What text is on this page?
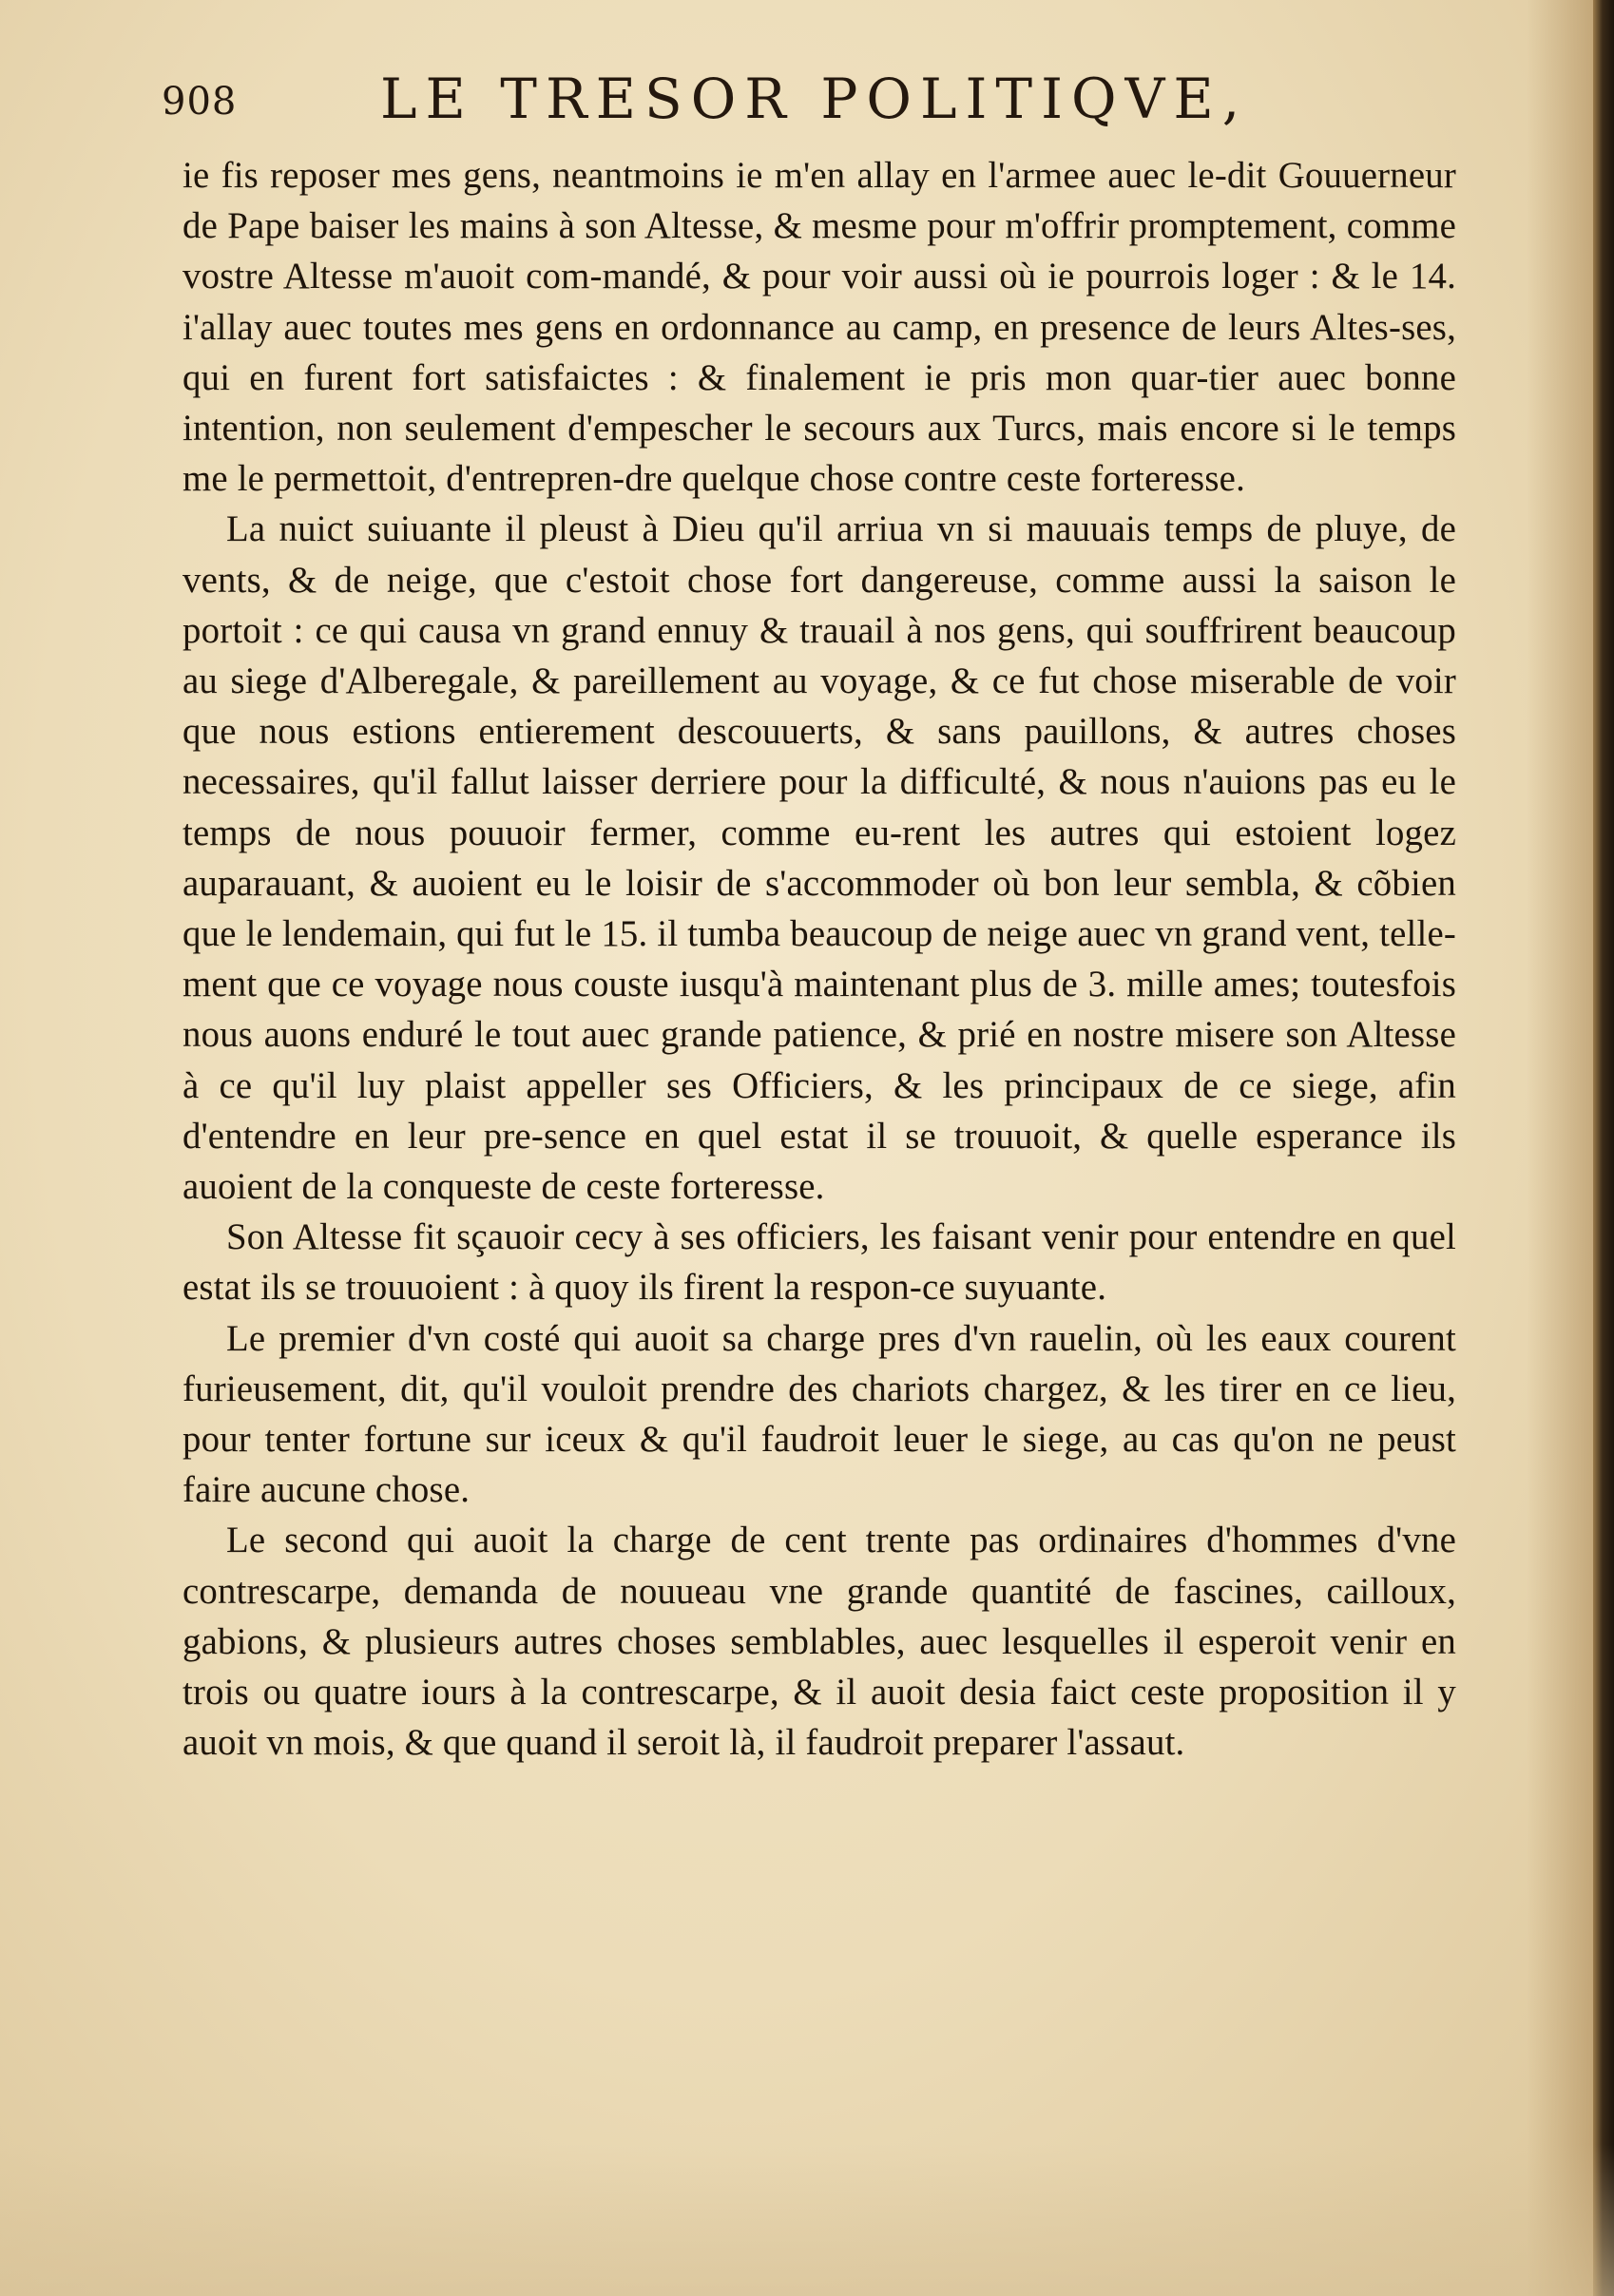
908	LE TRESOR POLITIQVE,

ie fis reposer mes gens, neantmoins ie m'en allay en l'armee auec le-dit Gouuerneur de Pape baiser les mains à son Altesse, & mesme pour m'offrir promptement, comme vostre Altesse m'auoit com-mandé, & pour voir aussi où ie pourrois loger : & le 14. i'allay auec toutes mes gens en ordonnance au camp, en presence de leurs Altes-ses, qui en furent fort satisfaictes : & finalement ie pris mon quar-tier auec bonne intention, non seulement d'empescher le secours aux Turcs, mais encore si le temps me le permettoit, d'entrepren-dre quelque chose contre ceste forteresse.

La nuict suiuante il pleust à Dieu qu'il arriua vn si mauuais temps de pluye, de vents, & de neige, que c'estoit chose fort dangereuse, comme aussi la saison le portoit : ce qui causa vn grand ennuy & trauail à nos gens, qui souffrirent beaucoup au siege d'Alberegale, & pareillement au voyage, & ce fut chose miserable de voir que nous estions entierement descouuerts, & sans pauillons, & autres choses necessaires, qu'il fallut laisser derriere pour la difficulté, & nous n'auions pas eu le temps de nous pouuoir fermer, comme eu-rent les autres qui estoient logez auparauant, & auoient eu le loisir de s'accommoder où bon leur sembla, & cõbien que le lendemain, qui fut le 15. il tumba beaucoup de neige auec vn grand vent, telle-ment que ce voyage nous couste iusqu'à maintenant plus de 3. mille ames; toutesfois nous auons enduré le tout auec grande patience, & prié en nostre misere son Altesse à ce qu'il luy plaist appeller ses Officiers, & les principaux de ce siege, afin d'entendre en leur pre-sence en quel estat il se trouuoit, & quelle esperance ils auoient de la conqueste de ceste forteresse.

Son Altesse fit sçauoir cecy à ses officiers, les faisant venir pour entendre en quel estat ils se trouuoient : à quoy ils firent la respon-ce suyuante.

Le premier d'vn costé qui auoit sa charge pres d'vn rauelin, où les eaux courent furieusement, dit, qu'il vouloit prendre des chariots chargez, & les tirer en ce lieu, pour tenter fortune sur iceux & qu'il faudroit leuer le siege, au cas qu'on ne peust faire aucune chose.

Le second qui auoit la charge de cent trente pas ordinaires d'hommes d'vne contrescarpe, demanda de nouueau vne grande quantité de fascines, cailloux, gabions, & plusieurs autres choses semblables, auec lesquelles il esperoit venir en trois ou quatre iours à la contrescarpe, & il auoit desia faict ceste proposition il y auoit vn mois, & que quand il seroit là, il faudroit preparer l'assaut.
